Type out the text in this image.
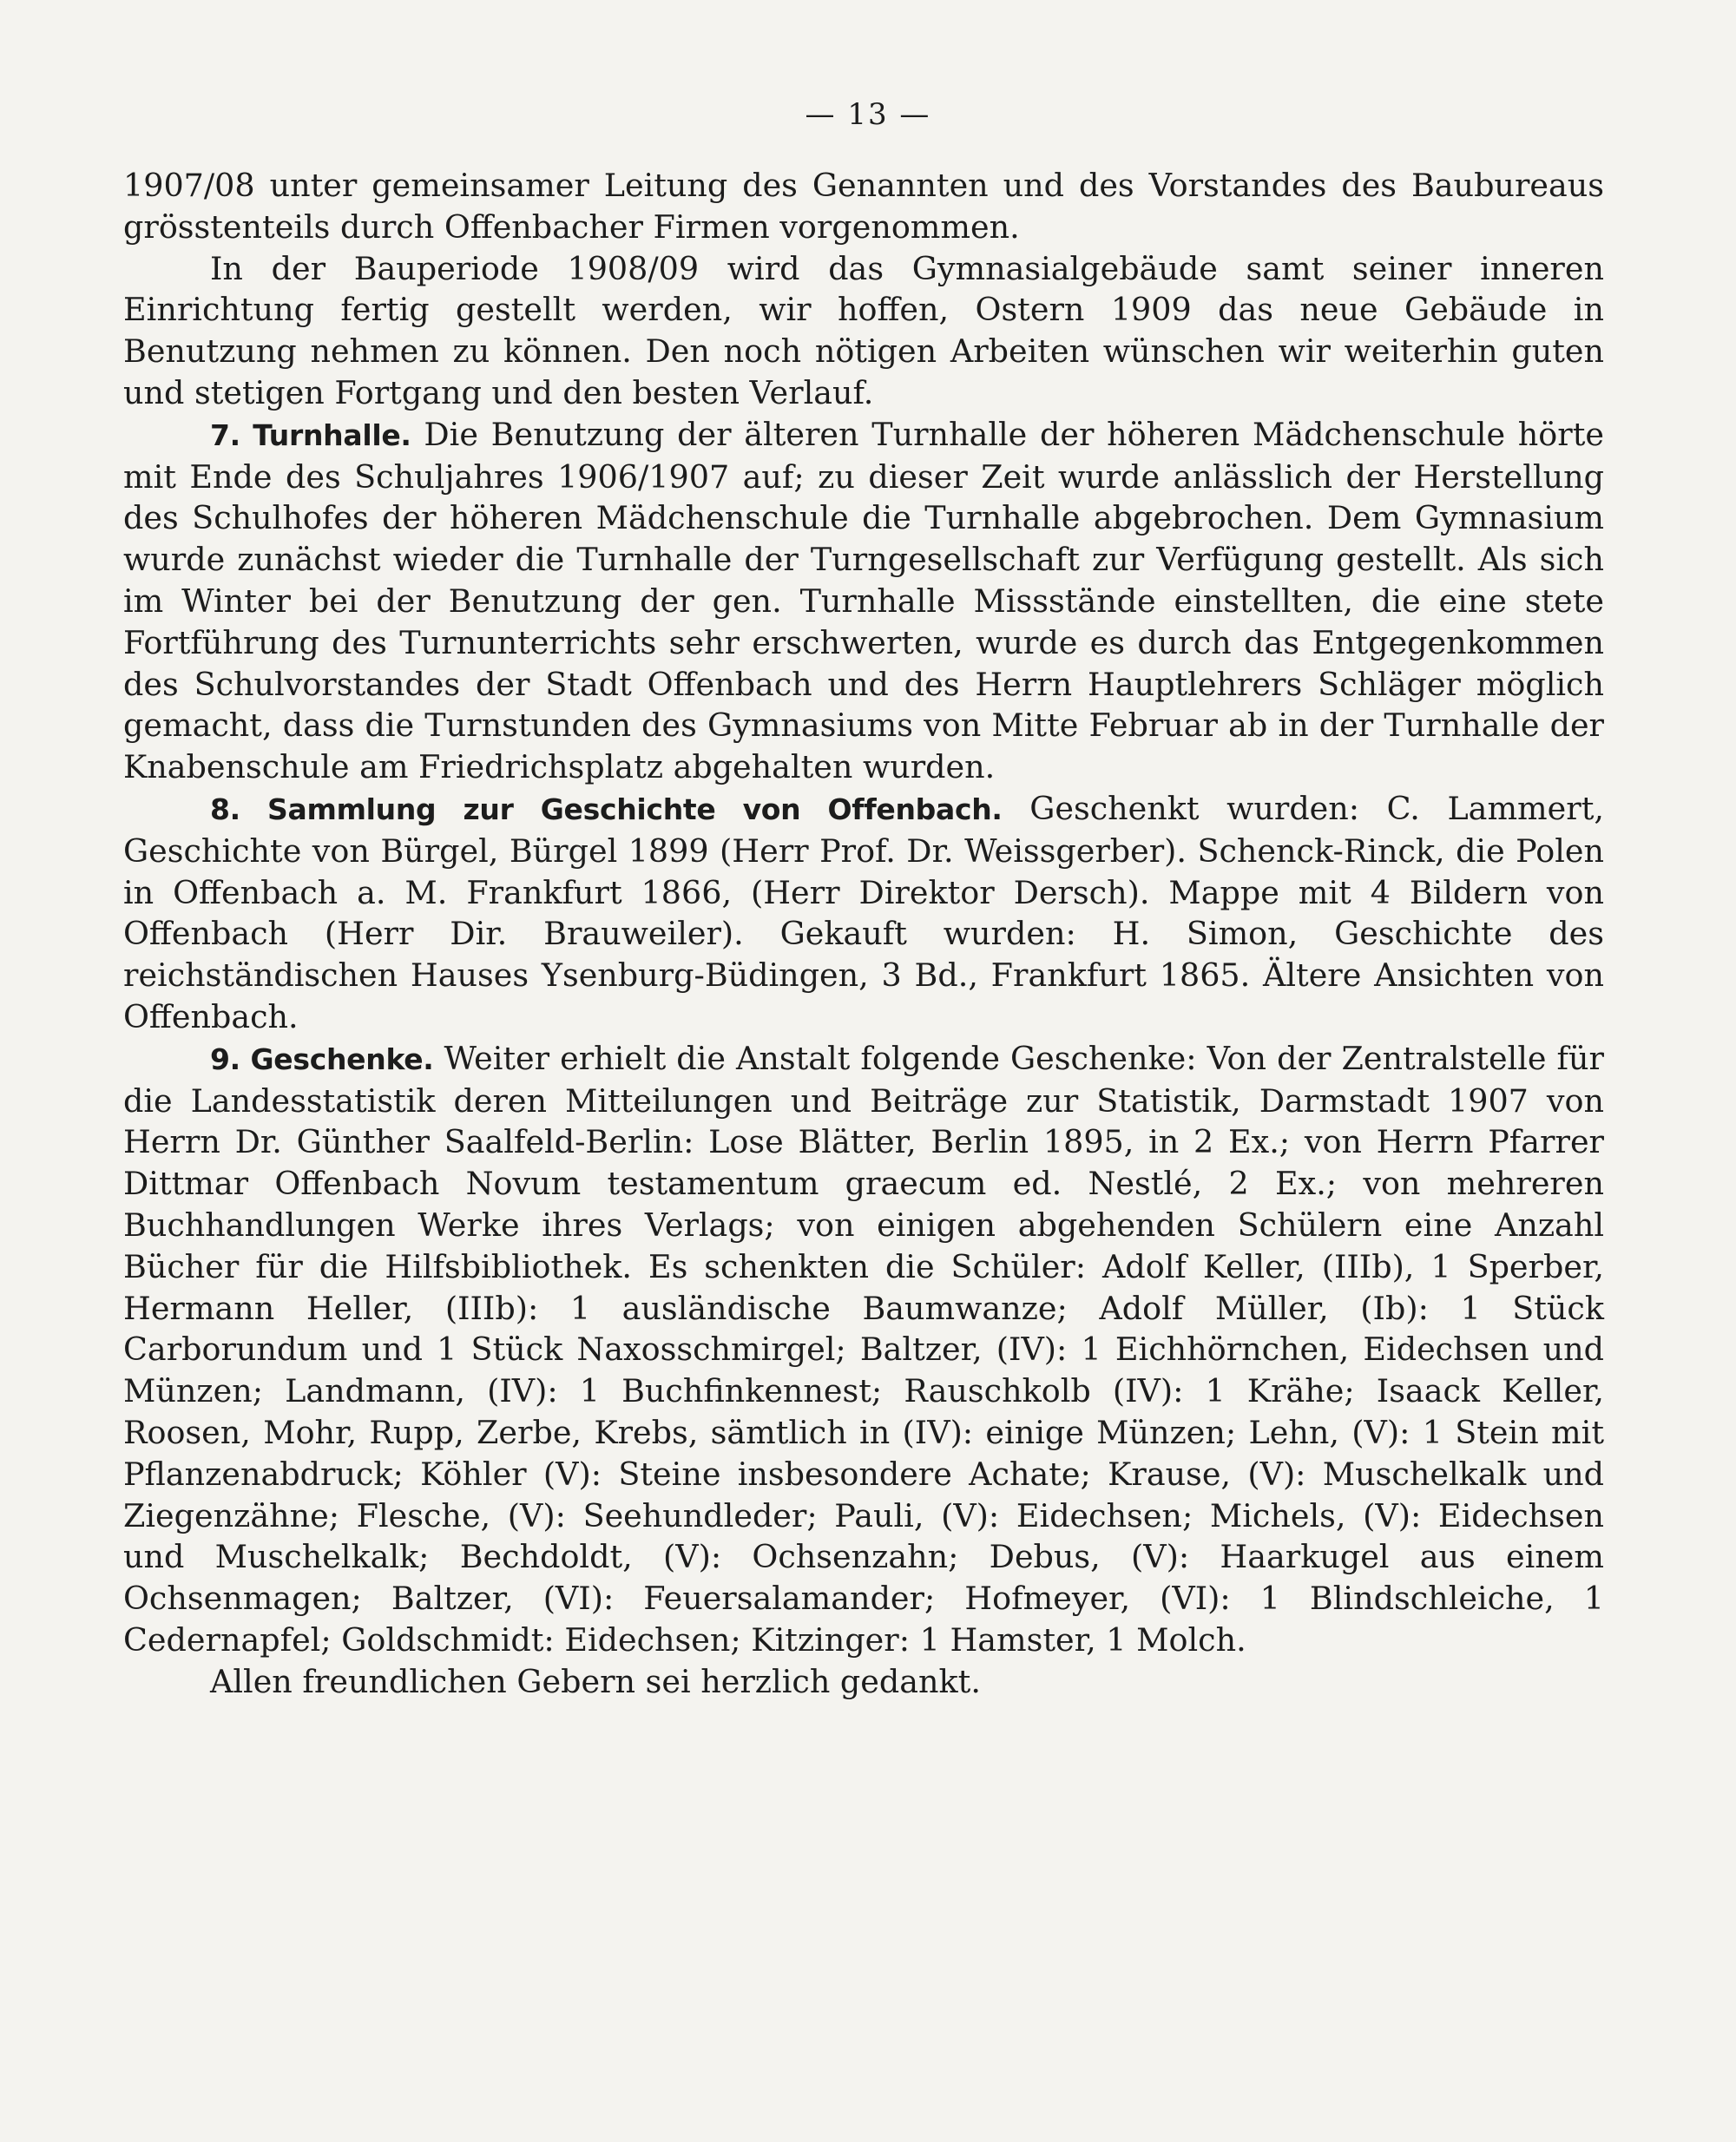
— 13 —

1907/08 unter gemeinsamer Leitung des Genannten und des Vorstandes des Baubureaus grösstenteils durch Offenbacher Firmen vorgenommen.

In der Bauperiode 1908/09 wird das Gymnasialgebäude samt seiner inneren Einrichtung fertig gestellt werden, wir hoffen, Ostern 1909 das neue Gebäude in Benutzung nehmen zu können. Den noch nötigen Arbeiten wünschen wir weiterhin guten und stetigen Fortgang und den besten Verlauf.

7. Turnhalle. Die Benutzung der älteren Turnhalle der höheren Mädchenschule hörte mit Ende des Schuljahres 1906/1907 auf; zu dieser Zeit wurde anlässlich der Herstellung des Schulhofes der höheren Mädchenschule die Turnhalle abgebrochen. Dem Gymnasium wurde zunächst wieder die Turnhalle der Turngesellschaft zur Verfügung gestellt. Als sich im Winter bei der Benutzung der gen. Turnhalle Missstände einstellten, die eine stete Fortführung des Turnunterrichts sehr erschwerten, wurde es durch das Entgegenkommen des Schulvorstandes der Stadt Offenbach und des Herrn Hauptlehrers Schläger möglich gemacht, dass die Turnstunden des Gymnasiums von Mitte Februar ab in der Turnhalle der Knabenschule am Friedrichsplatz abgehalten wurden.

8. Sammlung zur Geschichte von Offenbach. Geschenkt wurden: C. Lammert, Geschichte von Bürgel, Bürgel 1899 (Herr Prof. Dr. Weissgerber). Schenck-Rinck, die Polen in Offenbach a. M. Frankfurt 1866, (Herr Direktor Dersch). Mappe mit 4 Bildern von Offenbach (Herr Dir. Brauweiler). Gekauft wurden: H. Simon, Geschichte des reichständischen Hauses Ysenburg-Büdingen, 3 Bd., Frankfurt 1865. Ältere Ansichten von Offenbach.

9. Geschenke. Weiter erhielt die Anstalt folgende Geschenke: Von der Zentralstelle für die Landesstatistik deren Mitteilungen und Beiträge zur Statistik, Darmstadt 1907 von Herrn Dr. Günther Saalfeld-Berlin: Lose Blätter, Berlin 1895, in 2 Ex.; von Herrn Pfarrer Dittmar Offenbach Novum testamentum graecum ed. Nestlé, 2 Ex.; von mehreren Buchhandlungen Werke ihres Verlags; von einigen abgehenden Schülern eine Anzahl Bücher für die Hilfsbibliothek. Es schenkten die Schüler: Adolf Keller, (IIIb), 1 Sperber, Hermann Heller, (IIIb): 1 ausländische Baumwanze; Adolf Müller, (Ib): 1 Stück Carborundum und 1 Stück Naxosschmirgel; Baltzer, (IV): 1 Eichhörnchen, Eidechsen und Münzen; Landmann, (IV): 1 Buchfinkennest; Rauschkolb (IV): 1 Krähe; Isaack Keller, Roosen, Mohr, Rupp, Zerbe, Krebs, sämtlich in (IV): einige Münzen; Lehn, (V): 1 Stein mit Pflanzenabdruck; Köhler (V): Steine insbesondere Achate; Krause, (V): Muschelkalk und Ziegenzähne; Flesche, (V): Seehundleder; Pauli, (V): Eidechsen; Michels, (V): Eidechsen und Muschelkalk; Bechdoldt, (V): Ochsenzahn; Debus, (V): Haarkugel aus einem Ochsenmagen; Baltzer, (VI): Feuersalamander; Hofmeyer, (VI): 1 Blindschleiche, 1 Cedernapfel; Goldschmidt: Eidechsen; Kitzinger: 1 Hamster, 1 Molch.

Allen freundlichen Gebern sei herzlich gedankt.
